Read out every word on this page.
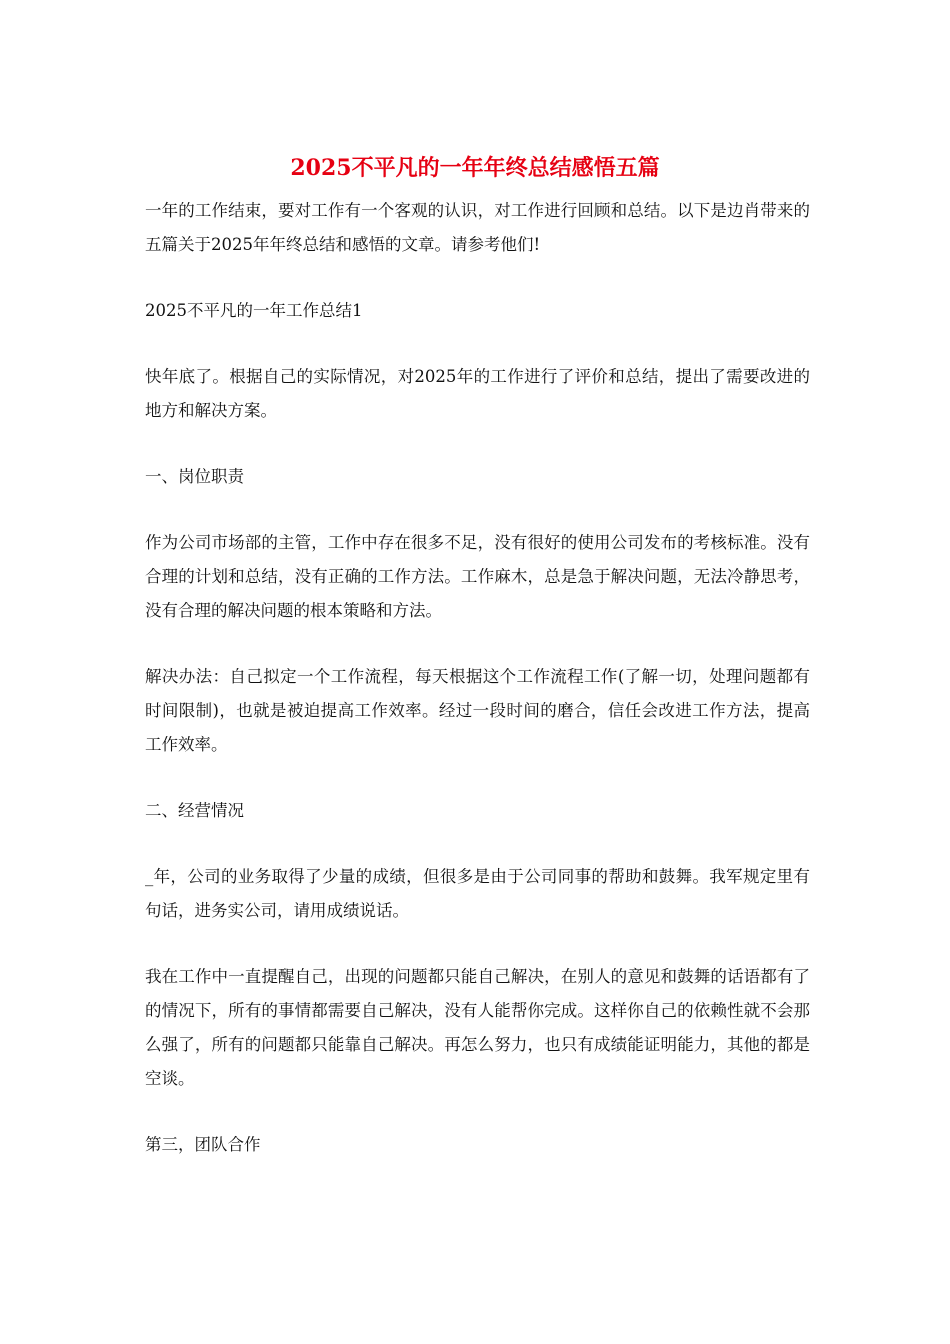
2025不平凡的一年年终总结感悟五篇

一年的工作结束，要对工作有一个客观的认识，对工作进行回顾和总结。以下是边肖带来的五篇关于2025年年终总结和感悟的文章。请参考他们!

2025不平凡的一年工作总结1

快年底了。根据自己的实际情况，对2025年的工作进行了评价和总结，提出了需要改进的地方和解决方案。

一、岗位职责

作为公司市场部的主管，工作中存在很多不足，没有很好的使用公司发布的考核标准。没有合理的计划和总结，没有正确的工作方法。工作麻木，总是急于解决问题，无法冷静思考，没有合理的解决问题的根本策略和方法。

解决办法：自己拟定一个工作流程，每天根据这个工作流程工作(了解一切，处理问题都有时间限制)，也就是被迫提高工作效率。经过一段时间的磨合，信任会改进工作方法，提高工作效率。

二、经营情况

_年，公司的业务取得了少量的成绩，但很多是由于公司同事的帮助和鼓舞。我军规定里有句话，进务实公司，请用成绩说话。

我在工作中一直提醒自己，出现的问题都只能自己解决，在别人的意见和鼓舞的话语都有了的情况下，所有的事情都需要自己解决，没有人能帮你完成。这样你自己的依赖性就不会那么强了，所有的问题都只能靠自己解决。再怎么努力，也只有成绩能证明能力，其他的都是空谈。

第三，团队合作
